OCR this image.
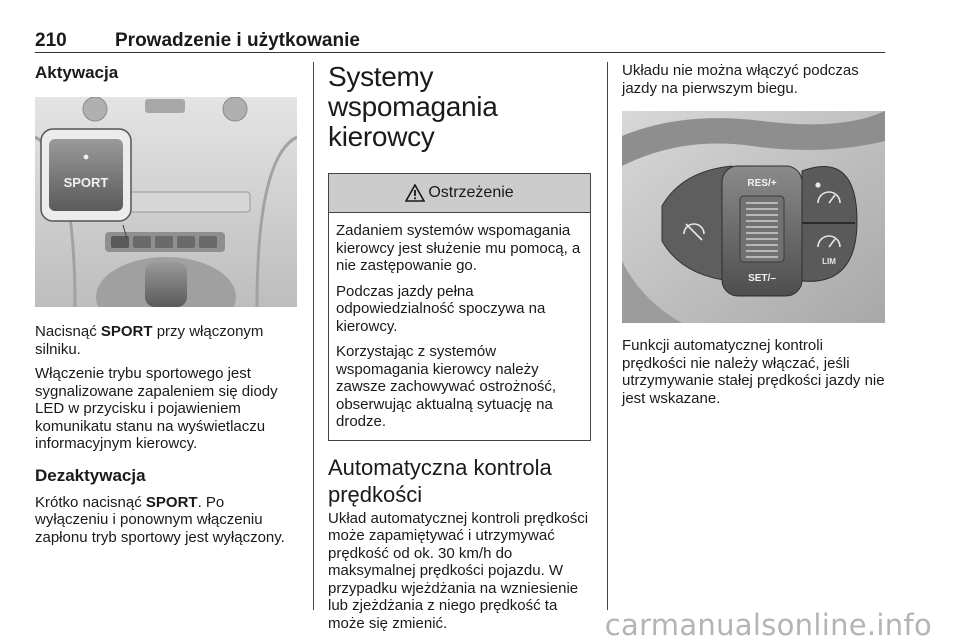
210	Prowadzenie i użytkowanie
Aktywacja
SPORT

Nacisnąć SPORT przy włączonym silniku.

Włączenie trybu sportowego jest sygnalizowane zapaleniem się diody LED w przycisku i pojawieniem komunikatu stanu na wyświetlaczu informacyjnym kierowcy.

Dezaktywacja

Krótko nacisnąć SPORT. Po wyłączeniu i ponownym włączeniu zapłonu tryb sportowy jest wyłączony.

Systemy wspomagania
kierowcy
Ostrzeżenie

Zadaniem systemów wspomagania kierowcy jest służenie mu pomocą, a nie zastępowanie go.

Podczas jazdy pełna odpowiedzialność spoczywa na kierowcy.

Korzystając z systemów wspomagania kierowcy należy zawsze zachowywać ostrożność, obserwując aktualną sytuację na drodze.

Automatyczna kontrola
prędkości

Układ automatycznej kontroli prędkości może zapamiętywać i utrzymywać prędkość od ok. 30 km/h do maksymalnej prędkości pojazdu. W przypadku wjeżdżania na wzniesienie lub zjeżdżania z niego prędkość ta może się zmienić.

Układu nie można włączyć podczas jazdy na pierwszym biegu.

RES/+
SET/–
LIM

Funkcji automatycznej kontroli prędkości nie należy włączać, jeśli utrzymywanie stałej prędkości jazdy nie jest wskazane.

carmanualsonline.info
